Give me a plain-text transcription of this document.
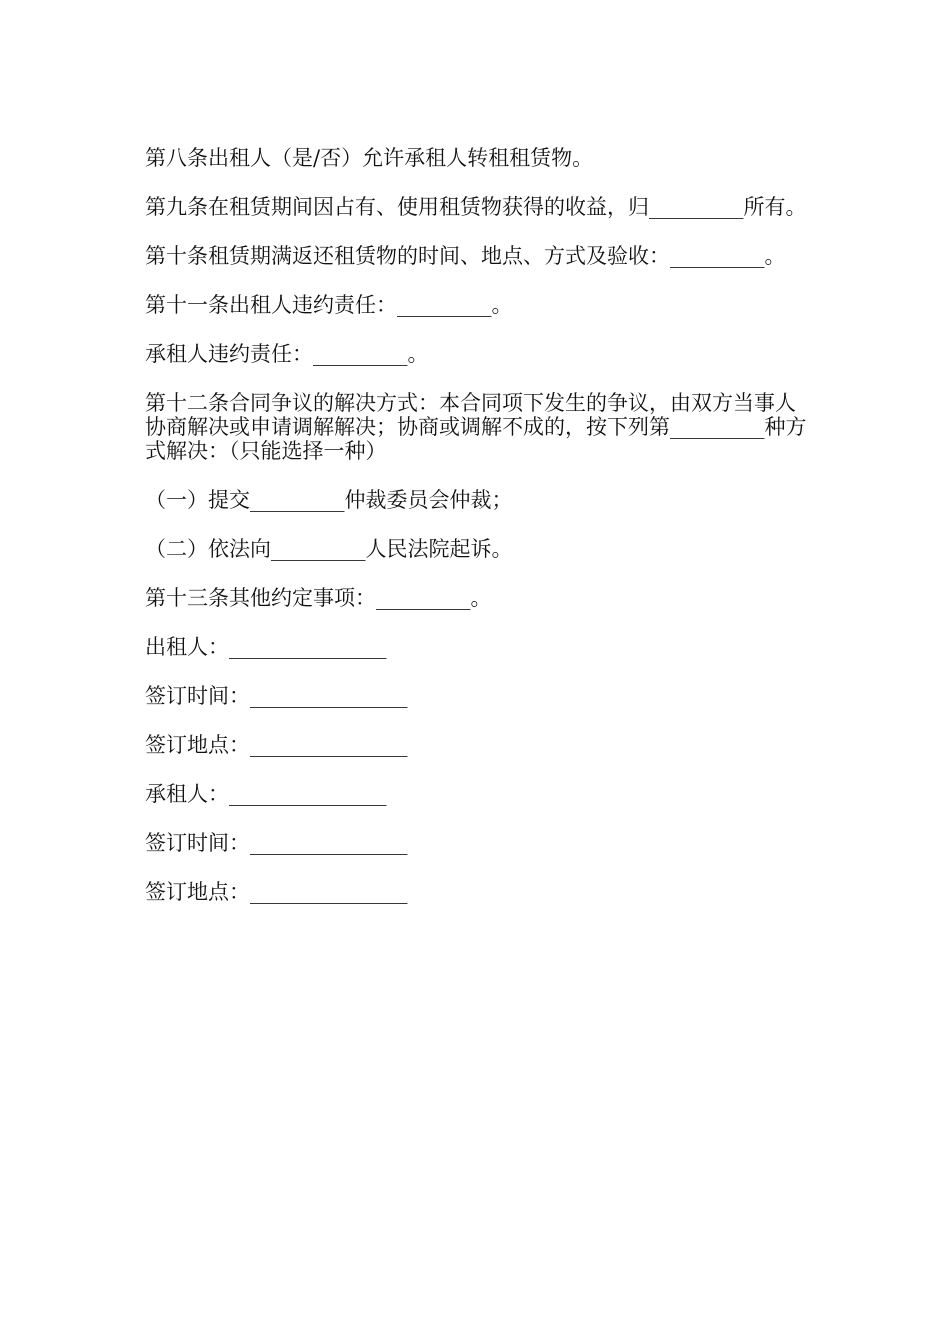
第八条出租人（是/否）允许承租人转租租赁物。

第九条在租赁期间因占有、使用租赁物获得的收益，归_________所有。

第十条租赁期满返还租赁物的时间、地点、方式及验收：_________。

第十一条出租人违约责任：_________。

承租人违约责任：_________。

第十二条合同争议的解决方式：本合同项下发生的争议，由双方当事人协商解决或申请调解解决；协商或调解不成的，按下列第_________种方式解决：（只能选择一种）

（一）提交_________仲裁委员会仲裁；

（二）依法向_________人民法院起诉。

第十三条其他约定事项：_________。

出租人：_______________

签订时间：_______________

签订地点：_______________

承租人：_______________

签订时间：_______________

签订地点：_______________
